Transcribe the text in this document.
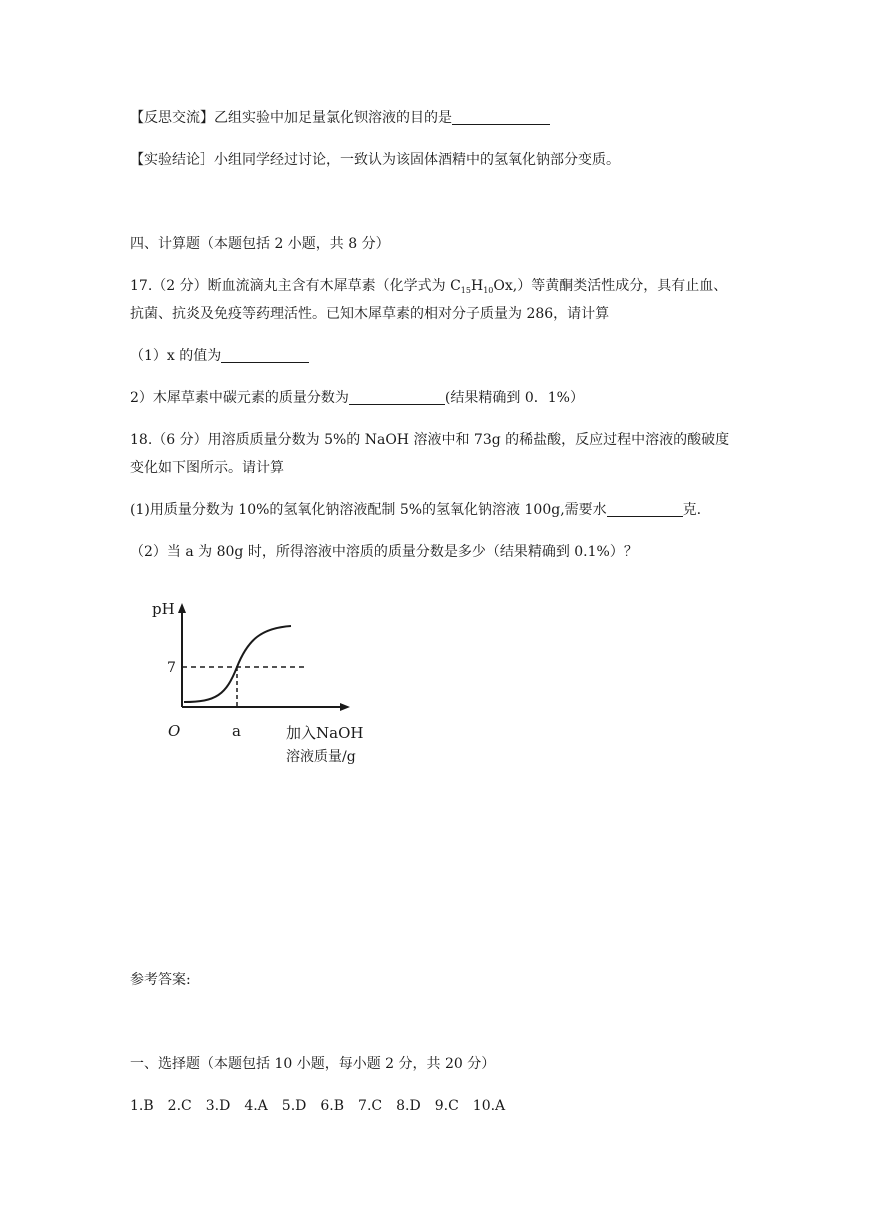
【反思交流】乙组实验中加足量氯化钡溶液的目的是
【实验结论］小组同学经过讨论，一致认为该固体酒精中的氢氧化钠部分变质。
四、计算题（本题包括 2 小题，共 8 分）
17.（2 分）断血流滴丸主含有木犀草素（化学式为 $C_{15}H_{10}Ox$,）等黄酮类活性成分，具有止血、
抗菌、抗炎及免疫等药理活性。已知木犀草素的相对分子质量为 286，请计算
（1）x 的值为
2）木犀草素中碳元素的质量分数为	(结果精确到 0．1%）
18.（6 分）用溶质质量分数为 5%的 NaOH 溶液中和 73g 的稀盐酸，反应过程中溶液的酸破度
变化如下图所示。请计算
(1)用质量分数为 10%的氢氧化钠溶液配制 5%的氢氧化钠溶液 100g,需要水	克.
（2）当 a 为 80g 时，所得溶液中溶质的质量分数是多少（结果精确到 0.1%）？
pH
7
O	a	加入NaOH
溶液质量/g
参考答案:
一、选择题（本题包括 10 小题，每小题 2 分，共 20 分）
1.B 2.C 3.D 4.A 5.D 6.B 7.C 8.D 9.C 10.A
